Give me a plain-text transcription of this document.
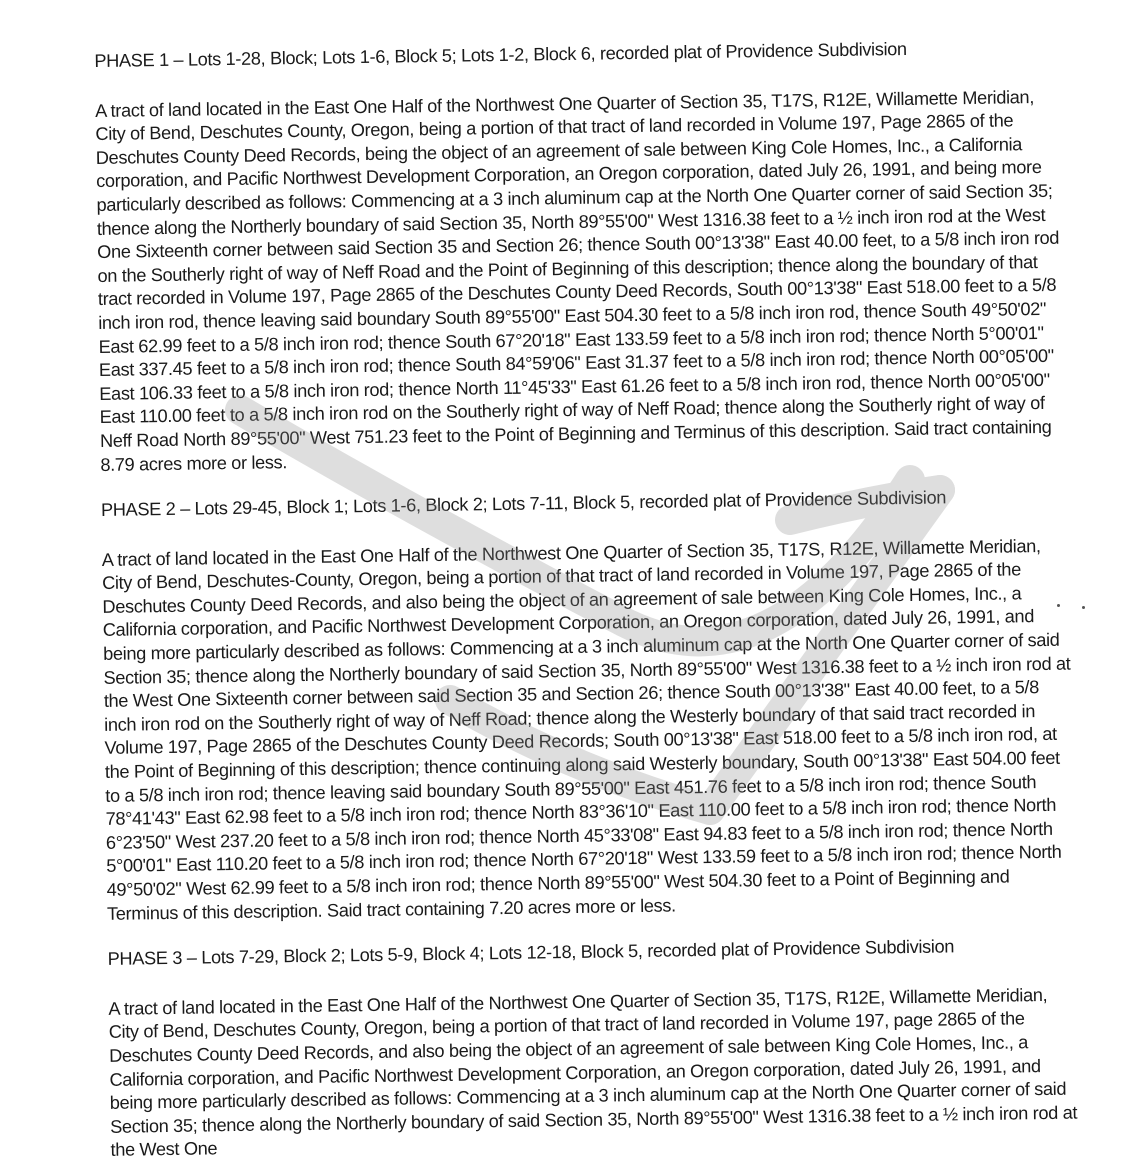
PHASE 1 – Lots 1-28, Block; Lots 1-6, Block 5; Lots 1-2, Block 6, recorded plat of Providence Subdivision

A tract of land located in the East One Half of the Northwest One Quarter of Section 35, T17S, R12E, Willamette Meridian, City of Bend, Deschutes County, Oregon, being a portion of that tract of land recorded in Volume 197, Page 2865 of the Deschutes County Deed Records, being the object of an agreement of sale between King Cole Homes, Inc., a California corporation, and Pacific Northwest Development Corporation, an Oregon corporation, dated July 26, 1991, and being more particularly described as follows: Commencing at a 3 inch aluminum cap at the North One Quarter corner of said Section 35; thence along the Northerly boundary of said Section 35, North 89°55'00" West 1316.38 feet to a ½ inch iron rod at the West One Sixteenth corner between said Section 35 and Section 26; thence South 00°13'38" East 40.00 feet, to a 5/8 inch iron rod on the Southerly right of way of Neff Road and the Point of Beginning of this description; thence along the boundary of that tract recorded in Volume 197, Page 2865 of the Deschutes County Deed Records, South 00°13'38" East 518.00 feet to a 5/8 inch iron rod, thence leaving said boundary South 89°55'00" East 504.30 feet to a 5/8 inch iron rod, thence South 49°50'02" East 62.99 feet to a 5/8 inch iron rod; thence South 67°20'18" East 133.59 feet to a 5/8 inch iron rod; thence North 5°00'01" East 337.45 feet to a 5/8 inch iron rod; thence South 84°59'06" East 31.37 feet to a 5/8 inch iron rod; thence North 00°05'00" East 106.33 feet to a 5/8 inch iron rod; thence North 11°45'33" East 61.26 feet to a 5/8 inch iron rod, thence North 00°05'00" East 110.00 feet to a 5/8 inch iron rod on the Southerly right of way of Neff Road; thence along the Southerly right of way of Neff Road North 89°55'00" West 751.23 feet to the Point of Beginning and Terminus of this description. Said tract containing 8.79 acres more or less.

PHASE 2 – Lots 29-45, Block 1; Lots 1-6, Block 2; Lots 7-11, Block 5, recorded plat of Providence Subdivision

A tract of land located in the East One Half of the Northwest One Quarter of Section 35, T17S, R12E, Willamette Meridian, City of Bend, Deschutes-County, Oregon, being a portion of that tract of land recorded in Volume 197, Page 2865 of the Deschutes County Deed Records, and also being the object of an agreement of sale between King Cole Homes, Inc., a California corporation, and Pacific Northwest Development Corporation, an Oregon corporation, dated July 26, 1991, and being more particularly described as follows: Commencing at a 3 inch aluminum cap at the North One Quarter corner of said Section 35; thence along the Northerly boundary of said Section 35, North 89°55'00" West 1316.38 feet to a ½ inch iron rod at the West One Sixteenth corner between said Section 35 and Section 26; thence South 00°13'38" East 40.00 feet, to a 5/8 inch iron rod on the Southerly right of way of Neff Road; thence along the Westerly boundary of that said tract recorded in Volume 197, Page 2865 of the Deschutes County Deed Records; South 00°13'38" East 518.00 feet to a 5/8 inch iron rod, at the Point of Beginning of this description; thence continuing along said Westerly boundary, South 00°13'38" East 504.00 feet to a 5/8 inch iron rod; thence leaving said boundary South 89°55'00" East 451.76 feet to a 5/8 inch iron rod; thence South 78°41'43" East 62.98 feet to a 5/8 inch iron rod; thence North 83°36'10" East 110.00 feet to a 5/8 inch iron rod; thence North 6°23'50" West 237.20 feet to a 5/8 inch iron rod; thence North 45°33'08" East 94.83 feet to a 5/8 inch iron rod; thence North 5°00'01" East 110.20 feet to a 5/8 inch iron rod; thence North 67°20'18" West 133.59 feet to a 5/8 inch iron rod; thence North 49°50'02" West 62.99 feet to a 5/8 inch iron rod; thence North 89°55'00" West 504.30 feet to a Point of Beginning and Terminus of this description. Said tract containing 7.20 acres more or less.

PHASE 3 – Lots 7-29, Block 2; Lots 5-9, Block 4; Lots 12-18, Block 5, recorded plat of Providence Subdivision

A tract of land located in the East One Half of the Northwest One Quarter of Section 35, T17S, R12E, Willamette Meridian, City of Bend, Deschutes County, Oregon, being a portion of that tract of land recorded in Volume 197, page 2865 of the Deschutes County Deed Records, and also being the object of an agreement of sale between King Cole Homes, Inc., a California corporation, and Pacific Northwest Development Corporation, an Oregon corporation, dated July 26, 1991, and being more particularly described as follows: Commencing at a 3 inch aluminum cap at the North One Quarter corner of said Section 35; thence along the Northerly boundary of said Section 35, North 89°55'00" West 1316.38 feet to a ½ inch iron rod at the West One
